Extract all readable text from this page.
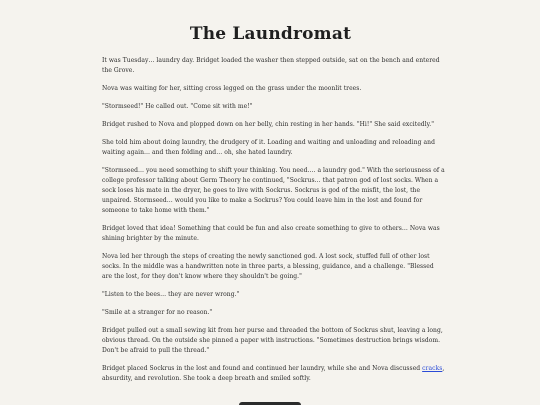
The Laundromat

It was Tuesday… laundry day. Bridget loaded the washer then stepped outside, sat on the bench and entered the Grove.

Nova was waiting for her, sitting cross legged on the grass under the moonlit trees.

"Stormseed!" He called out. "Come sit with me!"

Bridget rushed to Nova and plopped down on her belly, chin resting in her hands. "Hi!" She said excitedly."

She told him about doing laundry, the drudgery of it. Loading and waiting and unloading and reloading and waiting again… and then folding and… oh, she hated laundry.

"Stormseed… you need something to shift your thinking. You need…. a laundry god." With the seriousness of a college professor talking about Germ Theory he continued, "Sockrus… that patron god of lost socks. When a sock loses his mate in the dryer, he goes to live with Sockrus. Sockrus is god of the misfit, the lost, the unpaired. Stormseed… would you like to make a Sockrus? You could leave him in the lost and found for someone to take home with them."

Bridget loved that idea! Something that could be fun and also create something to give to others… Nova was shining brighter by the minute.

Nova led her through the steps of creating the newly sanctioned god. A lost sock, stuffed full of other lost socks. In the middle was a handwritten note in three parts, a blessing, guidance, and a challenge. "Blessed are the lost, for they don't know where they shouldn't be going."

"Listen to the bees… they are never wrong."

"Smile at a stranger for no reason."

Bridget pulled out a small sewing kit from her purse and threaded the bottom of Sockrus shut, leaving a long, obvious thread. On the outside she pinned a paper with instructions. "Sometimes destruction brings wisdom. Don't be afraid to pull the thread."

Bridget placed Sockrus in the lost and found and continued her laundry, while she and Nova discussed cracks, absurdity, and revolution. She took a deep breath and smiled softly.
